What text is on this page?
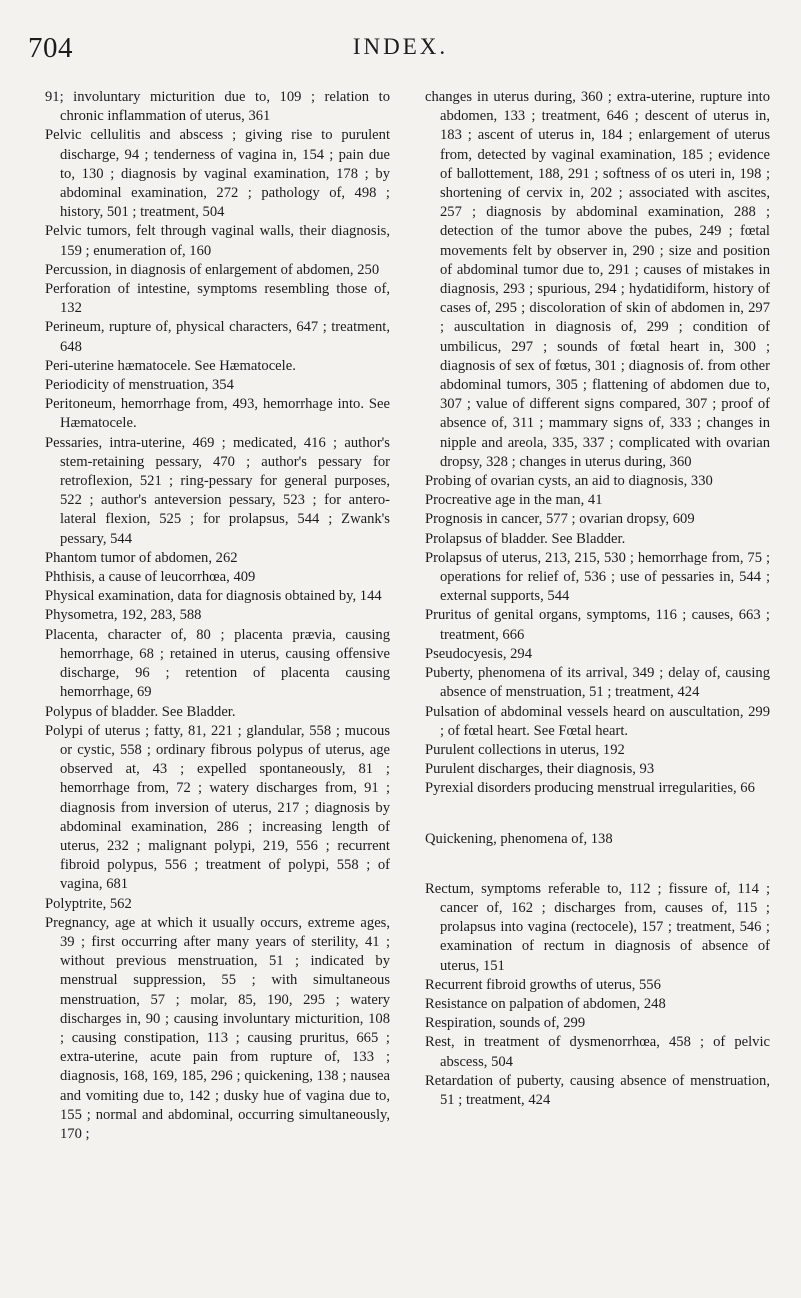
704	INDEX.

91; involuntary micturition due to, 109 ; relation to chronic inflammation of uterus, 361

Pelvic cellulitis and abscess ; giving rise to purulent discharge, 94 ; tenderness of vagina in, 154 ; pain due to, 130 ; diagnosis by vaginal examination, 178 ; by abdominal examination, 272 ; pathology of, 498 ; history, 501 ; treatment, 504

Pelvic tumors, felt through vaginal walls, their diagnosis, 159 ; enumeration of, 160

Percussion, in diagnosis of enlargement of abdomen, 250

Perforation of intestine, symptoms resembling those of, 132

Perineum, rupture of, physical characters, 647 ; treatment, 648

Peri-uterine hæmatocele. See Hæmatocele.

Periodicity of menstruation, 354

Peritoneum, hemorrhage from, 493, hemorrhage into. See Hæmatocele.

Pessaries, intra-uterine, 469 ; medicated, 416 ; author's stem-retaining pessary, 470 ; author's pessary for retroflexion, 521 ; ring-pessary for general purposes, 522 ; author's anteversion pessary, 523 ; for antero-lateral flexion, 525 ; for prolapsus, 544 ; Zwank's pessary, 544

Phantom tumor of abdomen, 262

Phthisis, a cause of leucorrhœa, 409

Physical examination, data for diagnosis obtained by, 144

Physometra, 192, 283, 588

Placenta, character of, 80 ; placenta prævia, causing hemorrhage, 68 ; retained in uterus, causing offensive discharge, 96 ; retention of placenta causing hemorrhage, 69

Polypus of bladder. See Bladder.

Polypi of uterus ; fatty, 81, 221 ; glandular, 558 ; mucous or cystic, 558 ; ordinary fibrous polypus of uterus, age observed at, 43 ; expelled spontaneously, 81 ; hemorrhage from, 72 ; watery discharges from, 91 ; diagnosis from inversion of uterus, 217 ; diagnosis by abdominal examination, 286 ; increasing length of uterus, 232 ; malignant polypi, 219, 556 ; recurrent fibroid polypus, 556 ; treatment of polypi, 558 ; of vagina, 681

Polyptrite, 562

Pregnancy, age at which it usually occurs, extreme ages, 39 ; first occurring after many years of sterility, 41 ; without previous menstruation, 51 ; indicated by menstrual suppression, 55 ; with simultaneous menstruation, 57 ; molar, 85, 190, 295 ; watery discharges in, 90 ; causing involuntary micturition, 108 ; causing constipation, 113 ; causing pruritus, 665 ; extra-uterine, acute pain from rupture of, 133 ; diagnosis, 168, 169, 185, 296 ; quickening, 138 ; nausea and vomiting due to, 142 ; dusky hue of vagina due to, 155 ; normal and abdominal, occurring simultaneously, 170 ;

changes in uterus during, 360 ; extra-uterine, rupture into abdomen, 133 ; treatment, 646 ; descent of uterus in, 183 ; ascent of uterus in, 184 ; enlargement of uterus from, detected by vaginal examination, 185 ; evidence of ballottement, 188, 291 ; softness of os uteri in, 198 ; shortening of cervix in, 202 ; associated with ascites, 257 ; diagnosis by abdominal examination, 288 ; detection of the tumor above the pubes, 249 ; fœtal movements felt by observer in, 290 ; size and position of abdominal tumor due to, 291 ; causes of mistakes in diagnosis, 293 ; spurious, 294 ; hydatidiform, history of cases of, 295 ; discoloration of skin of abdomen in, 297 ; auscultation in diagnosis of, 299 ; condition of umbilicus, 297 ; sounds of fœtal heart in, 300 ; diagnosis of sex of fœtus, 301 ; diagnosis of. from other abdominal tumors, 305 ; flattening of abdomen due to, 307 ; value of different signs compared, 307 ; proof of absence of, 311 ; mammary signs of, 333 ; changes in nipple and areola, 335, 337 ; complicated with ovarian dropsy, 328 ; changes in uterus during, 360

Probing of ovarian cysts, an aid to diagnosis, 330

Procreative age in the man, 41

Prognosis in cancer, 577 ; ovarian dropsy, 609

Prolapsus of bladder. See Bladder.

Prolapsus of uterus, 213, 215, 530 ; hemorrhage from, 75 ; operations for relief of, 536 ; use of pessaries in, 544 ; external supports, 544

Pruritus of genital organs, symptoms, 116 ; causes, 663 ; treatment, 666

Pseudocyesis, 294

Puberty, phenomena of its arrival, 349 ; delay of, causing absence of menstruation, 51 ; treatment, 424

Pulsation of abdominal vessels heard on auscultation, 299 ; of fœtal heart. See Fœtal heart.

Purulent collections in uterus, 192

Purulent discharges, their diagnosis, 93

Pyrexial disorders producing menstrual irregularities, 66

Quickening, phenomena of, 138

Rectum, symptoms referable to, 112 ; fissure of, 114 ; cancer of, 162 ; discharges from, causes of, 115 ; prolapsus into vagina (rectocele), 157 ; treatment, 546 ; examination of rectum in diagnosis of absence of uterus, 151

Recurrent fibroid growths of uterus, 556

Resistance on palpation of abdomen, 248

Respiration, sounds of, 299

Rest, in treatment of dysmenorrhœa, 458 ; of pelvic abscess, 504

Retardation of puberty, causing absence of menstruation, 51 ; treatment, 424
